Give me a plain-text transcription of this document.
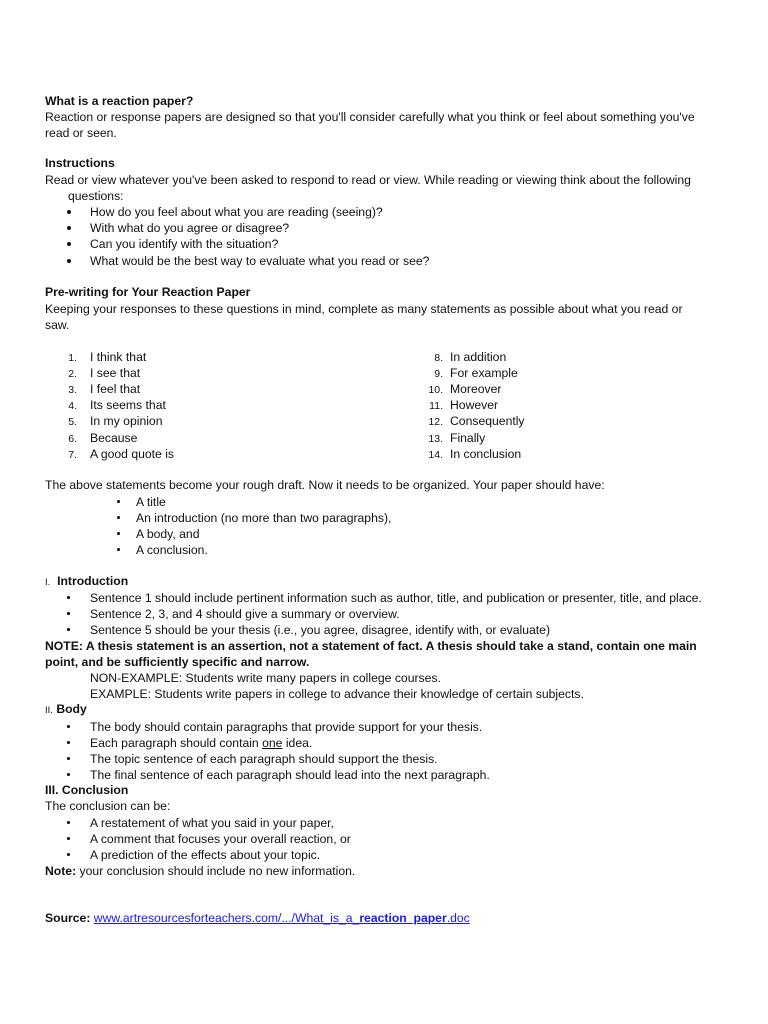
What is a reaction paper?
Reaction or response papers are designed so that you'll consider carefully what you think or feel about something you've
read or seen.
Instructions
Read or view whatever you've been asked to respond to read or view. While reading or viewing think about the following
questions:
How do you feel about what you are reading (seeing)?
With what do you agree or disagree?
Can you identify with the situation?
What would be the best way to evaluate what you read or see?
Pre-writing for Your Reaction Paper
Keeping your responses to these questions in mind, complete as many statements as possible about what you read or
saw.
1. I think that
2. I see that
3. I feel that
4. Its seems that
5. In my opinion
6. Because
7. A good quote is
8. In addition
9. For example
10. Moreover
11. However
12. Consequently
13. Finally
14. In conclusion
The above statements become your rough draft. Now it needs to be organized. Your paper should have:
A title
An introduction (no more than two paragraphs),
A body, and
A conclusion.
I. Introduction
Sentence 1 should include pertinent information such as author, title, and publication or presenter, title, and place.
Sentence 2, 3, and 4 should give a summary or overview.
Sentence 5 should be your thesis (i.e., you agree, disagree, identify with, or evaluate)
NOTE: A thesis statement is an assertion, not a statement of fact. A thesis should take a stand, contain one main
point, and be sufficiently specific and narrow.
NON-EXAMPLE: Students write many papers in college courses.
EXAMPLE: Students write papers in college to advance their knowledge of certain subjects.
II. Body
The body should contain paragraphs that provide support for your thesis.
Each paragraph should contain one idea.
The topic sentence of each paragraph should support the thesis.
The final sentence of each paragraph should lead into the next paragraph.
III. Conclusion
The conclusion can be:
A restatement of what you said in your paper,
A comment that focuses your overall reaction, or
A prediction of the effects about your topic.
Note: your conclusion should include no new information.
Source: www.artresourcesforteachers.com/.../What_is_a_reaction_paper.doc
